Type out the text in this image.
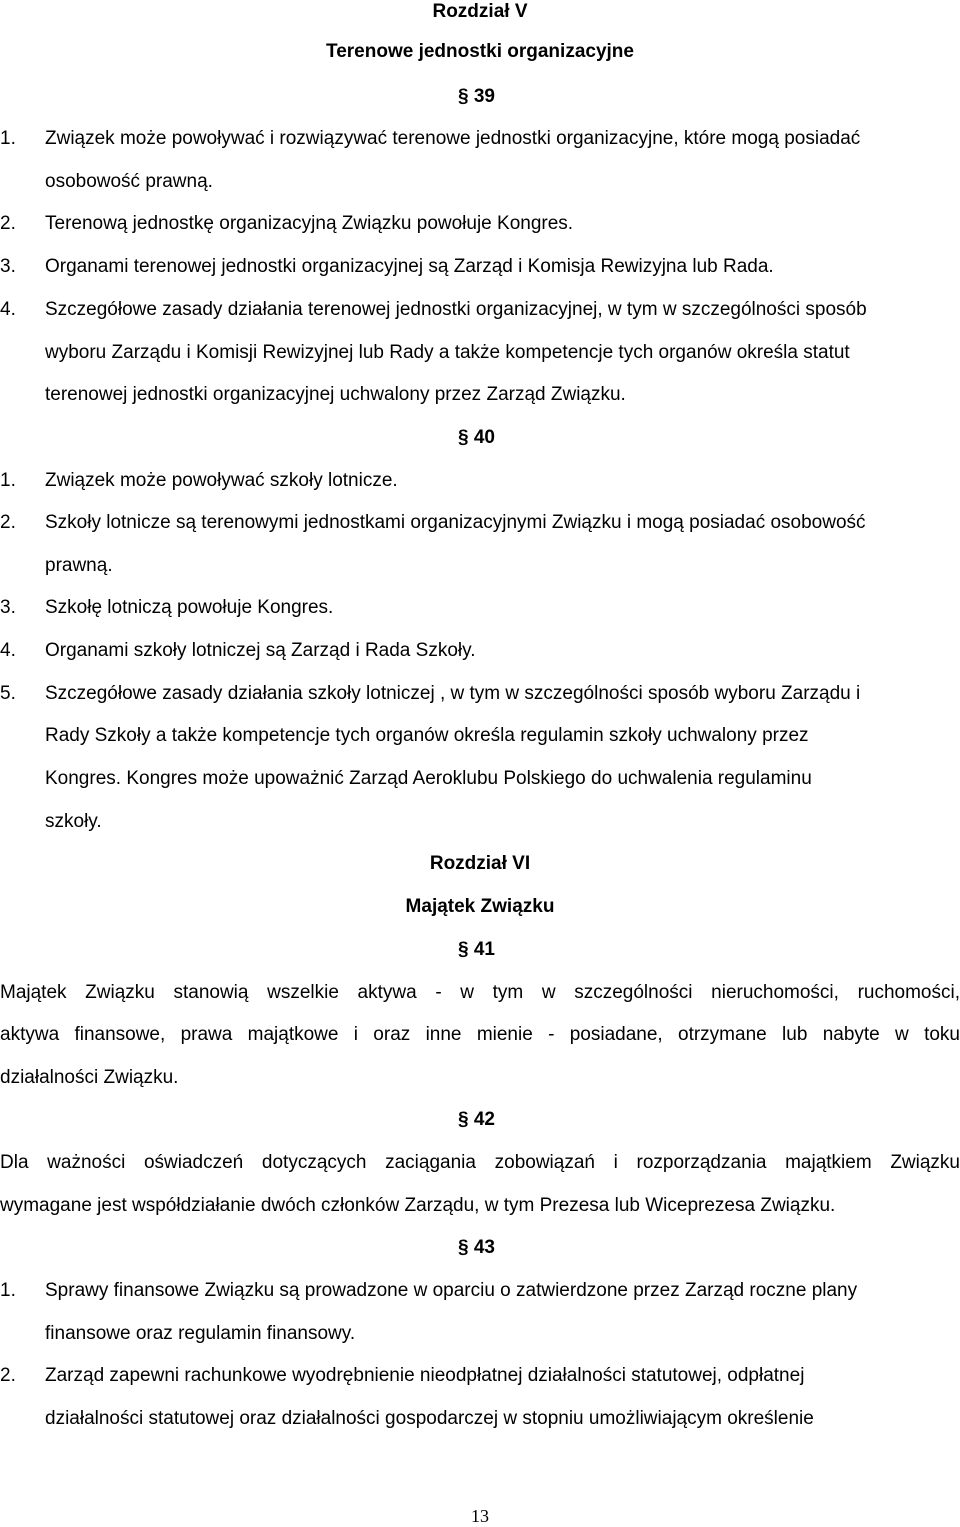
Rozdział V
Terenowe jednostki organizacyjne
§ 39
1.	Związek może powoływać i rozwiązywać terenowe jednostki organizacyjne, które mogą posiadać
osobowość prawną.
2.	Terenową jednostkę organizacyjną Związku powołuje Kongres.
3.	Organami terenowej jednostki organizacyjnej są Zarząd i Komisja Rewizyjna lub Rada.
4.	Szczegółowe zasady działania terenowej jednostki organizacyjnej, w tym w szczególności sposób
wyboru Zarządu i Komisji Rewizyjnej lub Rady a także kompetencje tych organów określa statut
terenowej jednostki organizacyjnej uchwalony przez Zarząd Związku.
§ 40
1.	Związek może powoływać szkoły lotnicze.
2.	Szkoły lotnicze są terenowymi jednostkami organizacyjnymi Związku i mogą posiadać osobowość
prawną.
3.	Szkołę lotniczą powołuje Kongres.
4.	Organami szkoły lotniczej są Zarząd i Rada Szkoły.
5.	Szczegółowe zasady działania szkoły lotniczej , w tym w szczególności sposób wyboru Zarządu i
Rady Szkoły a także kompetencje tych organów określa regulamin szkoły uchwalony przez
Kongres. Kongres może upoważnić Zarząd Aeroklubu Polskiego do uchwalenia regulaminu
szkoły.
Rozdział VI
Majątek Związku
§ 41
Majątek Związku stanowią wszelkie aktywa - w tym w szczególności nieruchomości, ruchomości,
aktywa finansowe, prawa majątkowe i oraz inne mienie - posiadane, otrzymane lub nabyte w toku
działalności Związku.
§ 42
Dla ważności oświadczeń dotyczących zaciągania zobowiązań i rozporządzania majątkiem Związku
wymagane jest współdziałanie dwóch członków Zarządu, w tym Prezesa lub Wiceprezesa Związku.
§ 43
1.	Sprawy finansowe Związku są prowadzone w oparciu o zatwierdzone przez Zarząd roczne plany
finansowe oraz regulamin finansowy.
2.	Zarząd zapewni rachunkowe wyodrębnienie nieodpłatnej działalności statutowej, odpłatnej
działalności statutowej oraz działalności gospodarczej w stopniu umożliwiającym określenie
13
